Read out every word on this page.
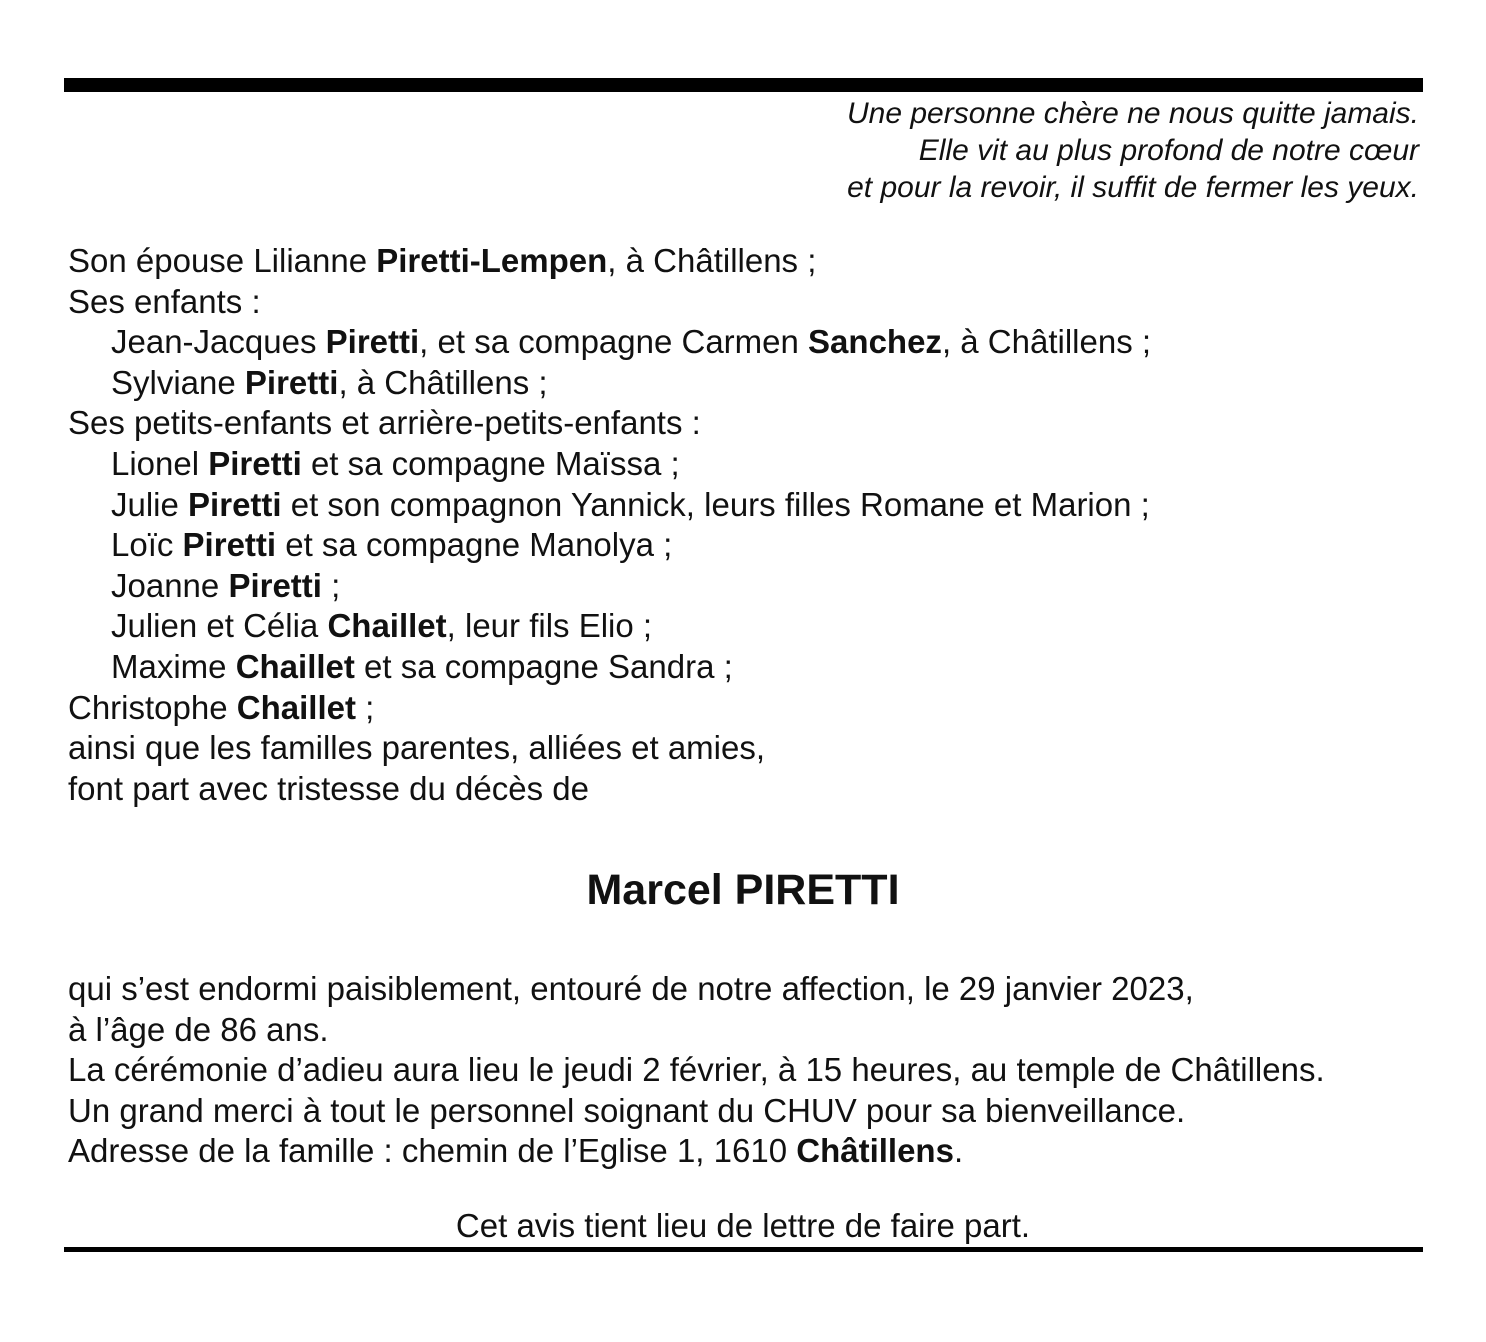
Une personne chère ne nous quitte jamais.
Elle vit au plus profond de notre cœur
et pour la revoir, il suffit de fermer les yeux.
Son épouse Lilianne Piretti-Lempen, à Châtillens ;
Ses enfants :
Jean-Jacques Piretti, et sa compagne Carmen Sanchez, à Châtillens ;
Sylviane Piretti, à Châtillens ;
Ses petits-enfants et arrière-petits-enfants :
Lionel Piretti et sa compagne Maïssa ;
Julie Piretti et son compagnon Yannick, leurs filles Romane et Marion ;
Loïc Piretti et sa compagne Manolya ;
Joanne Piretti ;
Julien et Célia Chaillet, leur fils Elio ;
Maxime Chaillet et sa compagne Sandra ;
Christophe Chaillet ;
ainsi que les familles parentes, alliées et amies,
font part avec tristesse du décès de
Marcel PIRETTI
qui s’est endormi paisiblement, entouré de notre affection, le 29 janvier 2023,
à l’âge de 86 ans.
La cérémonie d’adieu aura lieu le jeudi 2 février, à 15 heures, au temple de Châtillens.
Un grand merci à tout le personnel soignant du CHUV pour sa bienveillance.
Adresse de la famille : chemin de l’Eglise 1, 1610 Châtillens.
Cet avis tient lieu de lettre de faire part.
